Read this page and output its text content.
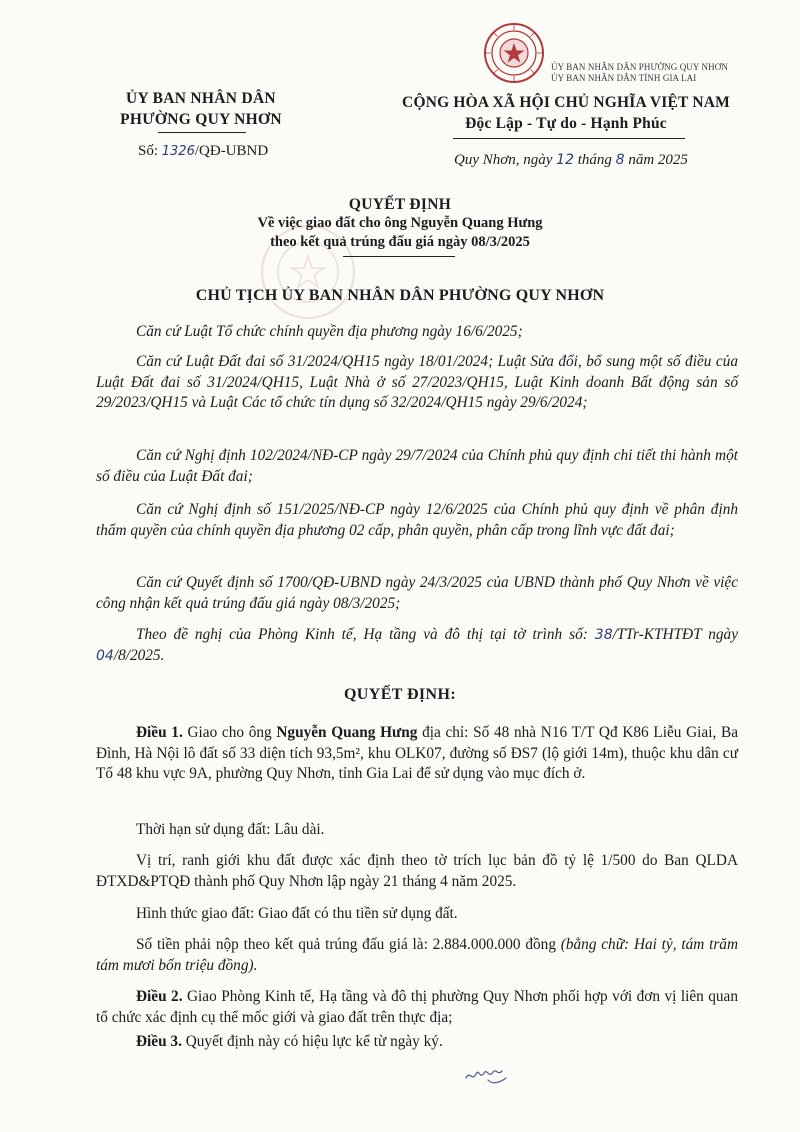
ỦY BAN NHÂN DÂN PHƯỜNG QUY NHƠN
ỦY BAN NHÂN DÂN TỈNH GIA LAI
ỦY BAN NHÂN DÂN
PHƯỜNG QUY NHƠN
Số: 1326/QĐ-UBND
CỘNG HÒA XÃ HỘI CHỦ NGHĨA VIỆT NAM
Độc Lập - Tự do - Hạnh Phúc
Quy Nhơn, ngày 12 tháng 8 năm 2025
QUYẾT ĐỊNH
Về việc giao đất cho ông Nguyễn Quang Hưng
theo kết quả trúng đấu giá ngày 08/3/2025
CHỦ TỊCH ỦY BAN NHÂN DÂN PHƯỜNG QUY NHƠN
Căn cứ Luật Tổ chức chính quyền địa phương ngày 16/6/2025;
Căn cứ Luật Đất đai số 31/2024/QH15 ngày 18/01/2024; Luật Sửa đổi, bổ sung một số điều của Luật Đất đai số 31/2024/QH15, Luật Nhà ở số 27/2023/QH15, Luật Kinh doanh Bất động sản số 29/2023/QH15 và Luật Các tổ chức tín dụng số 32/2024/QH15 ngày 29/6/2024;
Căn cứ Nghị định 102/2024/NĐ-CP ngày 29/7/2024 của Chính phủ quy định chi tiết thi hành một số điều của Luật Đất đai;
Căn cứ Nghị định số 151/2025/NĐ-CP ngày 12/6/2025 của Chính phủ quy định về phân định thẩm quyền của chính quyền địa phương 02 cấp, phân quyền, phân cấp trong lĩnh vực đất đai;
Căn cứ Quyết định số 1700/QĐ-UBND ngày 24/3/2025 của UBND thành phố Quy Nhơn về việc công nhận kết quả trúng đấu giá ngày 08/3/2025;
Theo đề nghị của Phòng Kinh tế, Hạ tầng và đô thị tại tờ trình số: 38/TTr-KTHTĐT ngày 04/8/2025.
QUYẾT ĐỊNH:
Điều 1. Giao cho ông Nguyễn Quang Hưng địa chỉ: Số 48 nhà N16 T/T Qđ K86 Liễu Giai, Ba Đình, Hà Nội lô đất số 33 diện tích 93,5m², khu OLK07, đường số ĐS7 (lộ giới 14m), thuộc khu dân cư Tổ 48 khu vực 9A, phường Quy Nhơn, tỉnh Gia Lai để sử dụng vào mục đích ở.
Thời hạn sử dụng đất: Lâu dài.
Vị trí, ranh giới khu đất được xác định theo tờ trích lục bản đồ tỷ lệ 1/500 do Ban QLDA ĐTXD&PTQĐ thành phố Quy Nhơn lập ngày 21 tháng 4 năm 2025.
Hình thức giao đất: Giao đất có thu tiền sử dụng đất.
Số tiền phải nộp theo kết quả trúng đấu giá là: 2.884.000.000 đồng (bằng chữ: Hai tỷ, tám trăm tám mươi bốn triệu đồng).
Điều 2. Giao Phòng Kinh tế, Hạ tầng và đô thị phường Quy Nhơn phối hợp với đơn vị liên quan tổ chức xác định cụ thể mốc giới và giao đất trên thực địa;
Điều 3. Quyết định này có hiệu lực kể từ ngày ký.
